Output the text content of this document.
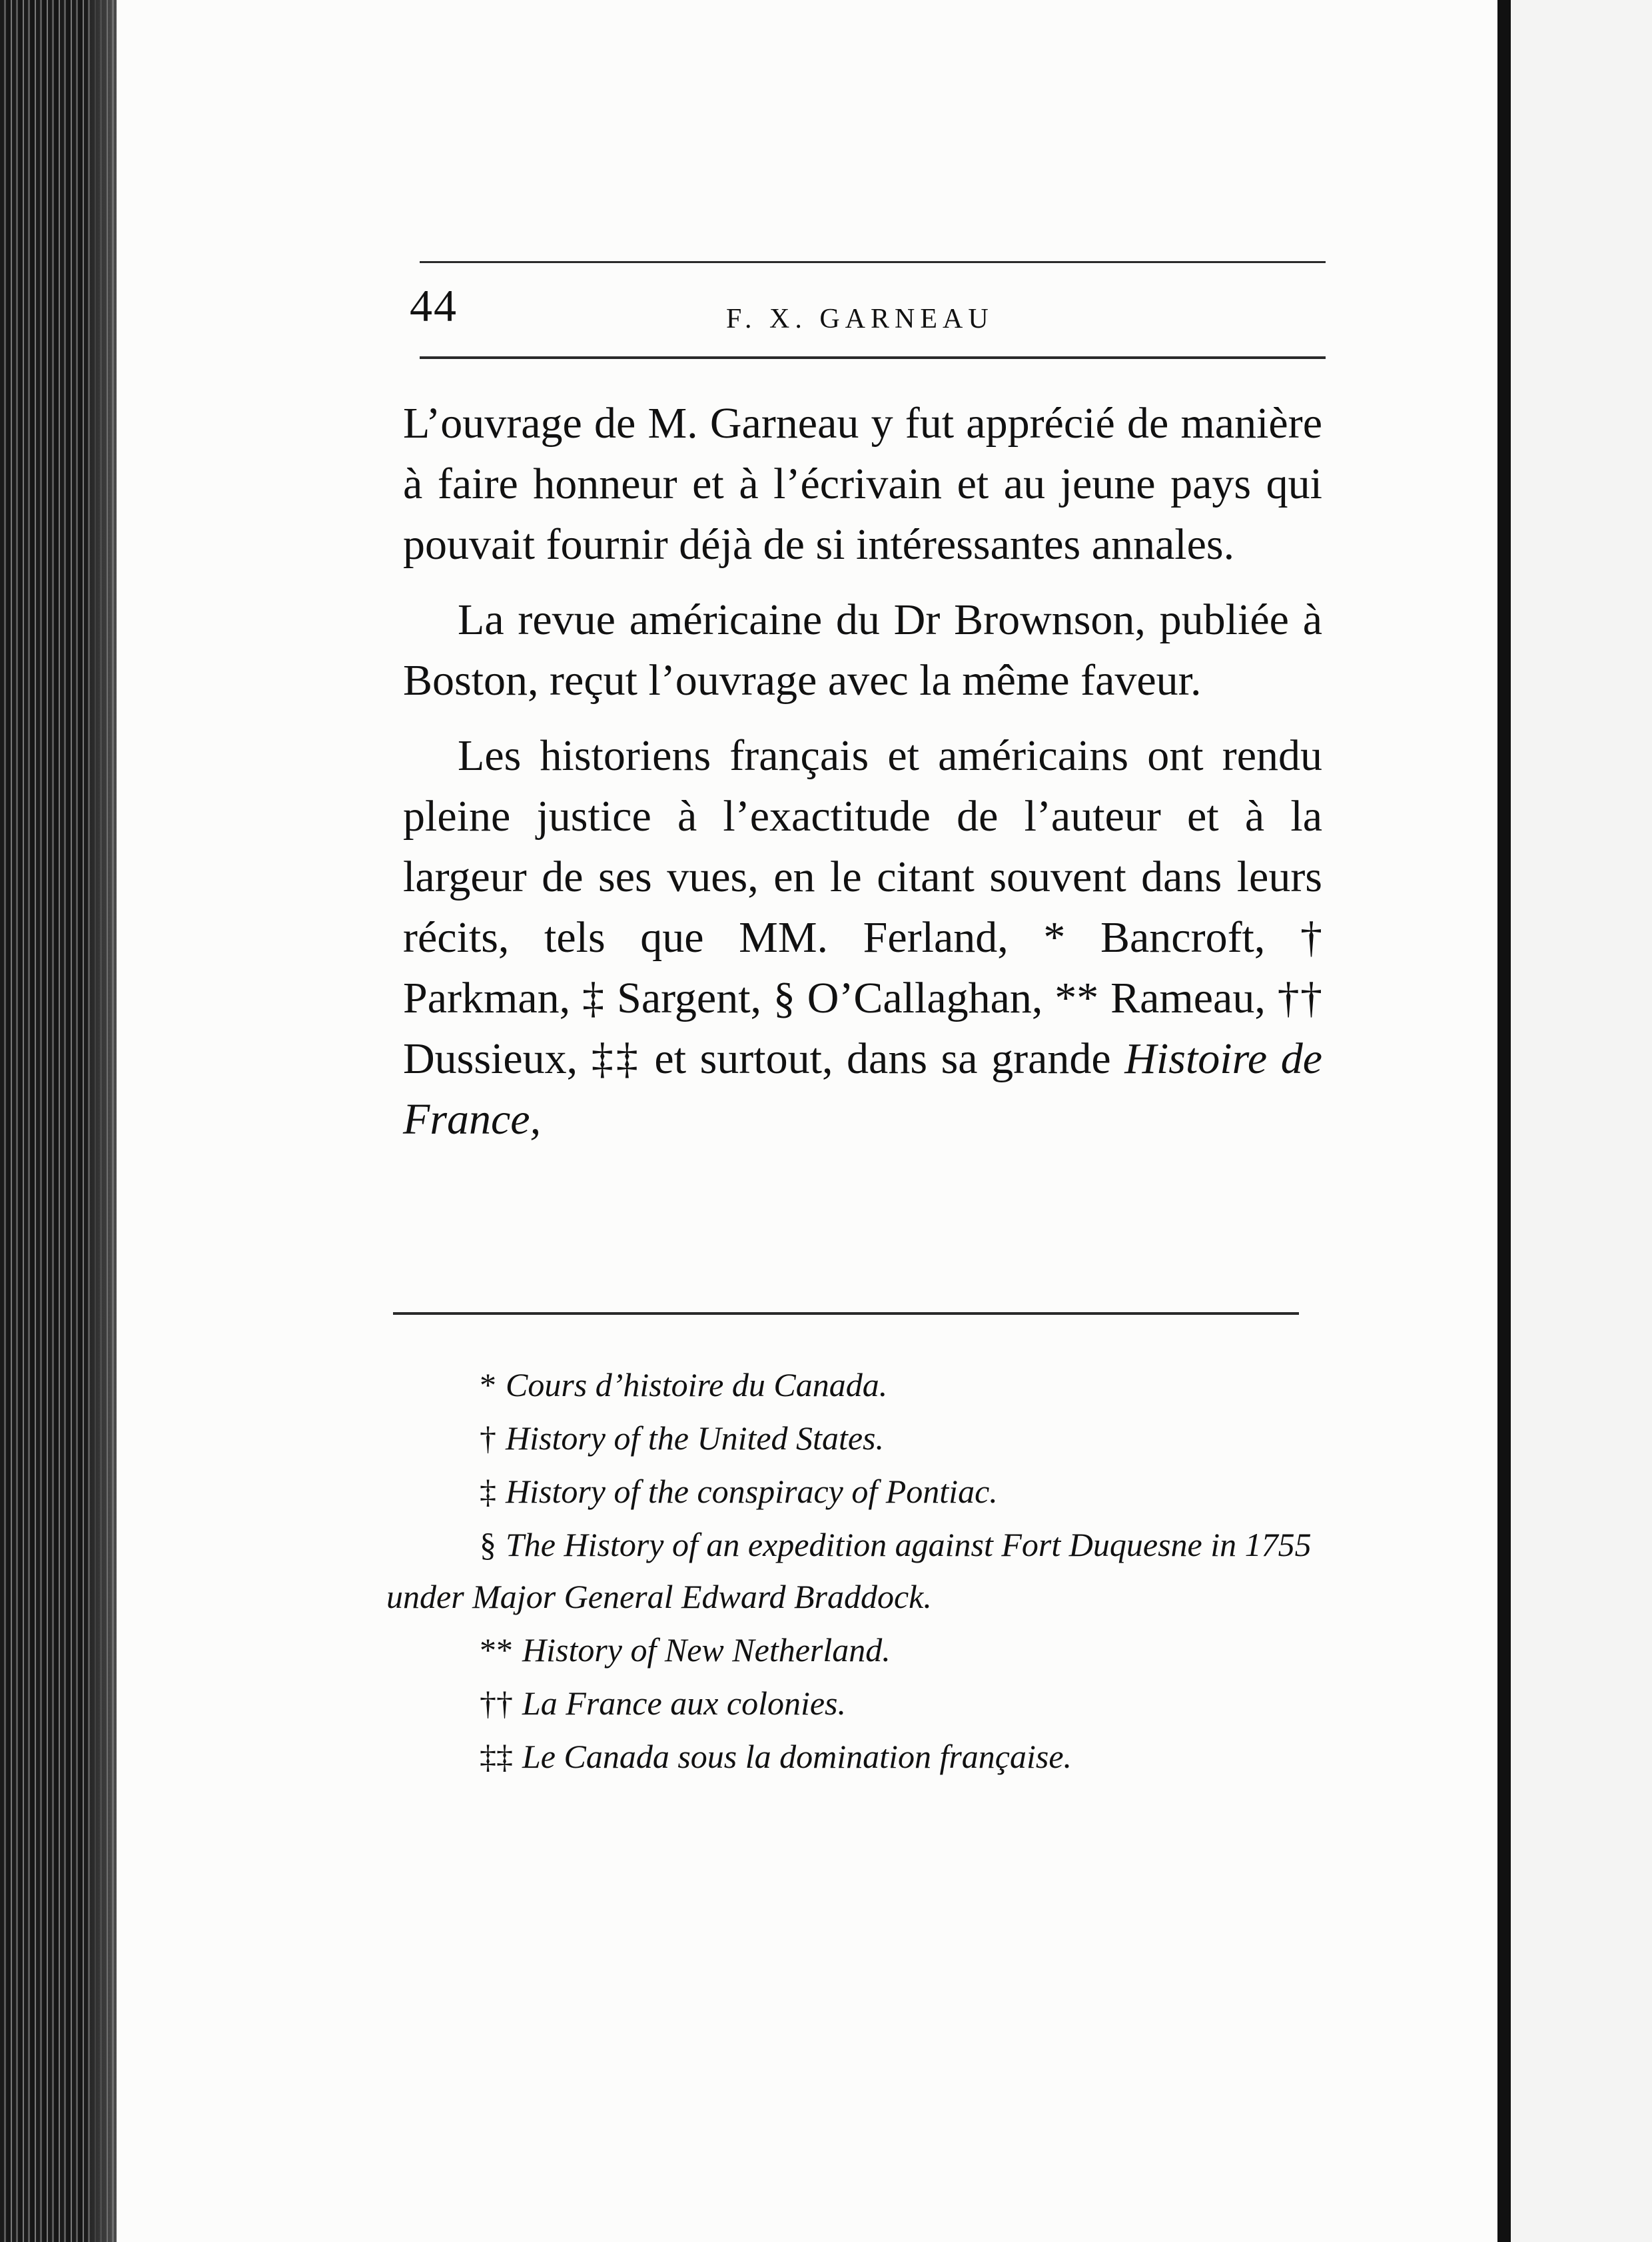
44	F. X. GARNEAU

L’ouvrage de M. Garneau y fut apprécié de manière à faire honneur et à l’écrivain et au jeune pays qui pouvait fournir déjà de si intéressantes annales.

La revue américaine du Dr Brownson, publiée à Boston, reçut l’ouvrage avec la même faveur.

Les historiens français et américains ont rendu pleine justice à l’exactitude de l’auteur et à la largeur de ses vues, en le citant souvent dans leurs récits, tels que MM. Ferland, * Bancroft, † Parkman, ‡ Sargent, § O’Callaghan, ** Rameau, †† Dussieux, ‡‡ et surtout, dans sa grande Histoire de France,

* Cours d’histoire du Canada.
† History of the United States.
‡ History of the conspiracy of Pontiac.
§ The History of an expedition against Fort Duquesne in 1755 under Major General Edward Braddock.
** History of New Netherland.
†† La France aux colonies.
‡‡ Le Canada sous la domination française.
